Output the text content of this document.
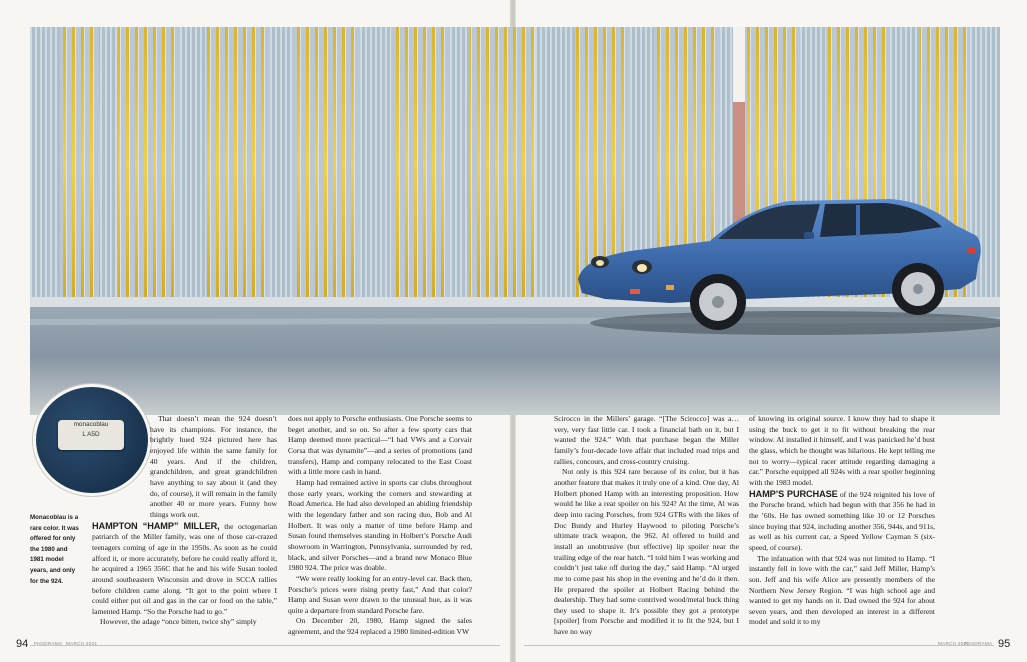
monacoblau
L A5D
Monacoblau is a rare color. It was offered for only the 1980 and 1981 model years, and only for the 924.

That doesn’t mean the 924 doesn’t have its champions. For instance, the brightly hued 924 pictured here has enjoyed life within the same family for 40 years. And if the children, grandchildren, and great grandchildren have anything to say about it (and they do, of course), it will remain in the family another 40 or more years. Funny how things work out.

HAMPTON “HAMP” MILLER, the octogenarian patriarch of the Miller family, was one of those car-crazed teenagers coming of age in the 1950s. As soon as he could afford it, or more accurately, before he could really afford it, he acquired a 1965 356C that he and his wife Susan tooled around southeastern Wisconsin and drove in SCCA rallies before children came along. “It got to the point where I could either put oil and gas in the car or food on the table,” lamented Hamp. “So the Porsche had to go.”

However, the adage “once bitten, twice shy” simply

does not apply to Porsche enthusiasts. One Porsche seems to beget another, and so on. So after a few sporty cars that Hamp deemed more practical—“I had VWs and a Corvair Corsa that was dynamite”—and a series of promotions (and transfers), Hamp and company relocated to the East Coast with a little more cash in hand.

Hamp had remained active in sports car clubs throughout those early years, working the corners and stewarding at Road America. He had also developed an abiding friendship with the legendary father and son racing duo, Bob and Al Holbert. It was only a matter of time before Hamp and Susan found themselves standing in Holbert’s Porsche Audi showroom in Warrington, Pennsylvania, surrounded by red, black, and silver Porsches—and a brand new Monaco Blue 1980 924. The price was doable.

“We were really looking for an entry-level car. Back then, Porsche’s prices were rising pretty fast,” And that color? Hamp and Susan were drawn to the unusual hue, as it was quite a departure from standard Porsche fare.

On December 20, 1980, Hamp signed the sales agreement, and the 924 replaced a 1980 limited-edition VW

Scirocco in the Millers’ garage. “[The Scirocco] was a… very, very fast little car. I took a financial bath on it, but I wanted the 924.” With that purchase began the Miller family’s four-decade love affair that included road trips and rallies, concours, and cross-country cruising.

Not only is this 924 rare because of its color, but it has another feature that makes it truly one of a kind. One day, Al Holbert phoned Hamp with an interesting proposition. How would he like a rear spoiler on his 924? At the time, Al was deep into racing Porsches, from 924 GTRs with the likes of Doc Bundy and Hurley Haywood to piloting Porsche’s ultimate track weapon, the 962. Al offered to build and install an unobtrusive (but effective) lip spoiler near the trailing edge of the rear hatch. “I told him I was working and couldn’t just take off during the day,” said Hamp. “Al urged me to come past his shop in the evening and he’d do it then. He prepared the spoiler at Holbert Racing behind the dealership. They had some contrived wood/metal buck thing they used to shape it. It’s possible they got a prototype [spoiler] from Porsche and modified it to fit the 924, but I have no way

of knowing its original source. I know they had to shape it using the buck to get it to fit without breaking the rear window. Al installed it himself, and I was panicked he’d bust the glass, which he thought was hilarious. He kept telling me not to worry—typical racer attitude regarding damaging a car.” Porsche equipped all 924s with a rear spoiler beginning with the 1983 model.

HAMP’S PURCHASE of the 924 reignited his love of the Porsche brand, which had begun with that 356 he had in the ’60s. He has owned something like 10 or 12 Porsches since buying that 924, including another 356, 944s, and 911s, as well as his current car, a Speed Yellow Cayman S (six-speed, of course).

The infatuation with that 924 was not limited to Hamp. “I instantly fell in love with the car,” said Jeff Miller, Hamp’s son. Jeff and his wife Alice are presently members of the Northern New Jersey Region. “I was high school age and wanted to get my hands on it. Dad owned the 924 for about seven years, and then developed an interest in a different model and sold it to my

94 PANORAMA MARCH 2021	MARCH 2021
PANORAMA 95
